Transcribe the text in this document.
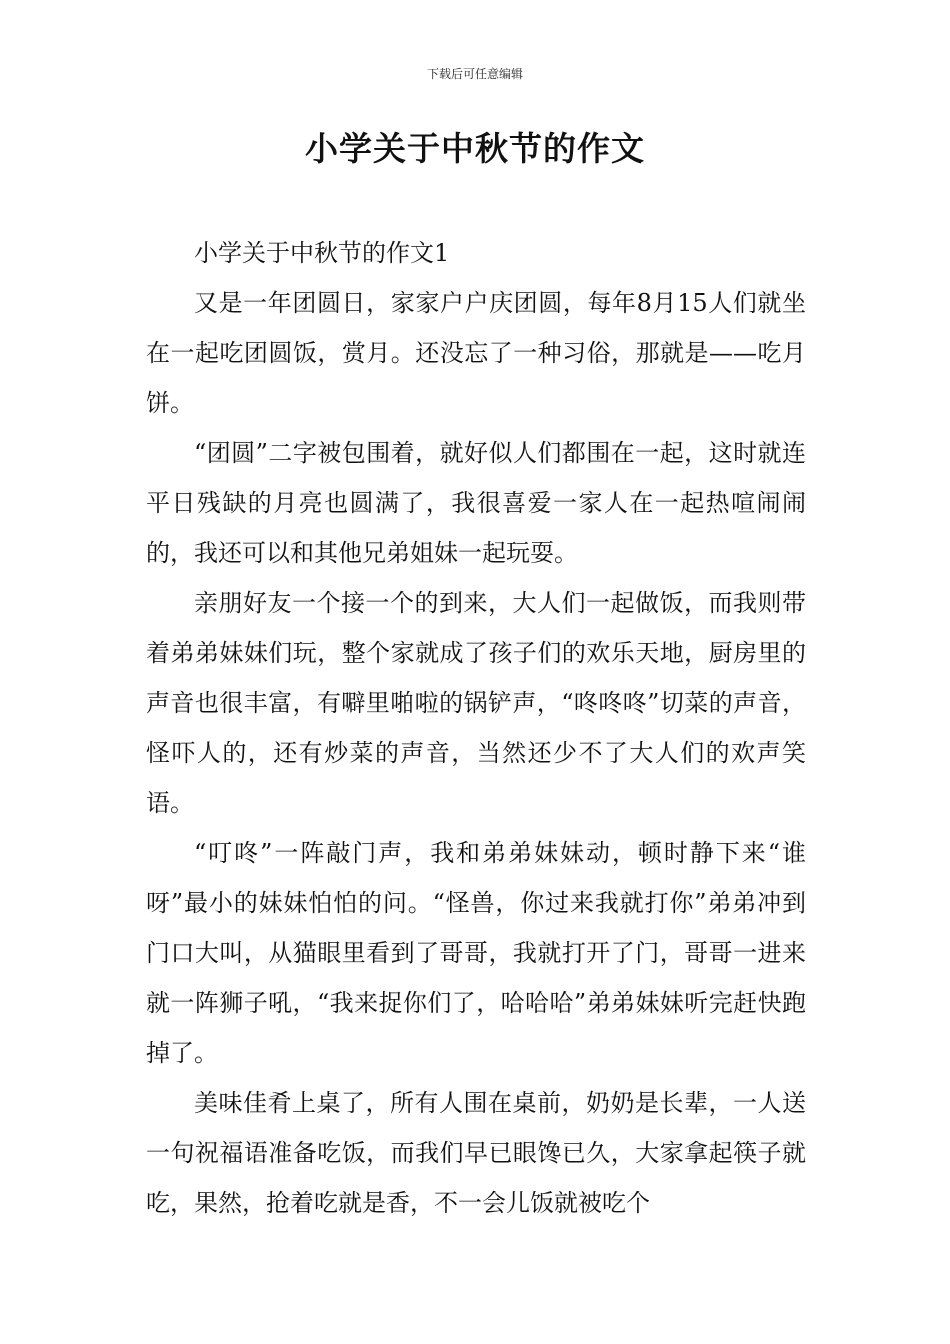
下载后可任意编辑
小学关于中秋节的作文

小学关于中秋节的作文1

又是一年团圆日，家家户户庆团圆，每年8月15人们就坐在一起吃团圆饭，赏月。还没忘了一种习俗，那就是——吃月饼。

“团圆”二字被包围着，就好似人们都围在一起，这时就连平日残缺的月亮也圆满了，我很喜爱一家人在一起热喧闹闹的，我还可以和其他兄弟姐妹一起玩耍。

亲朋好友一个接一个的到来，大人们一起做饭，而我则带着弟弟妹妹们玩，整个家就成了孩子们的欢乐天地，厨房里的声音也很丰富，有噼里啪啦的锅铲声，“咚咚咚”切菜的声音，怪吓人的，还有炒菜的声音，当然还少不了大人们的欢声笑语。

“叮咚”一阵敲门声，我和弟弟妹妹动，顿时静下来“谁呀”最小的妹妹怕怕的问。“怪兽，你过来我就打你”弟弟冲到门口大叫，从猫眼里看到了哥哥，我就打开了门，哥哥一进来就一阵狮子吼，“我来捉你们了，哈哈哈”弟弟妹妹听完赶快跑掉了。

美味佳肴上桌了，所有人围在桌前，奶奶是长辈，一人送一句祝福语准备吃饭，而我们早已眼馋已久，大家拿起筷子就吃，果然，抢着吃就是香，不一会儿饭就被吃个
